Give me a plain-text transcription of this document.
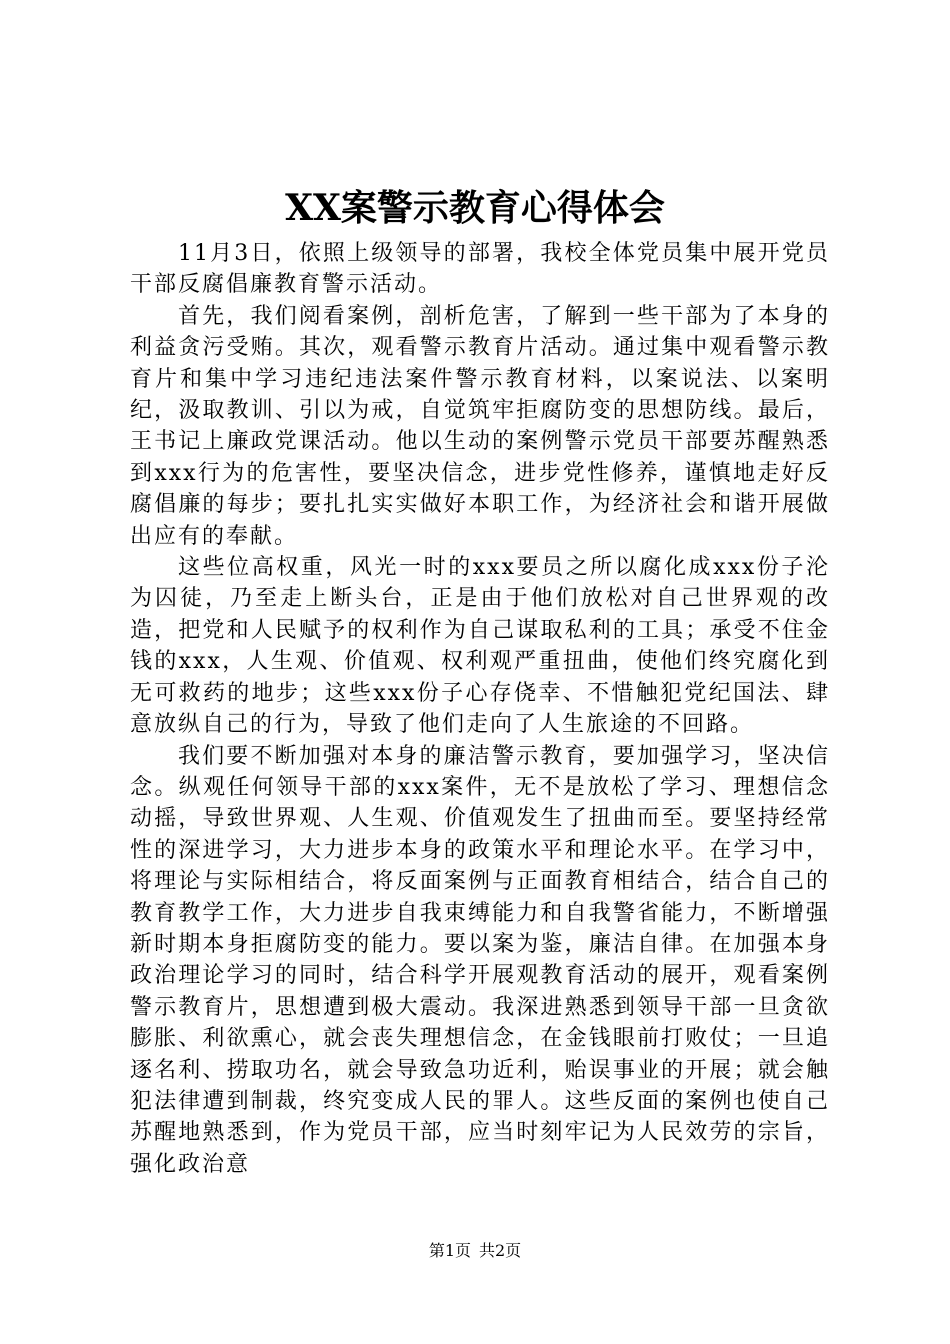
XX案警示教育心得体会

11月3日，依照上级领导的部署，我校全体党员集中展开党员干部反腐倡廉教育警示活动。

首先，我们阅看案例，剖析危害，了解到一些干部为了本身的利益贪污受贿。其次，观看警示教育片活动。通过集中观看警示教育片和集中学习违纪违法案件警示教育材料，以案说法、以案明纪，汲取教训、引以为戒，自觉筑牢拒腐防变的思想防线。最后，王书记上廉政党课活动。他以生动的案例警示党员干部要苏醒熟悉到xxx行为的危害性，要坚决信念，进步党性修养，谨慎地走好反腐倡廉的每步；要扎扎实实做好本职工作，为经济社会和谐开展做出应有的奉献。

这些位高权重，风光一时的xxx要员之所以腐化成xxx份子沦为囚徒，乃至走上断头台，正是由于他们放松对自己世界观的改造，把党和人民赋予的权利作为自己谋取私利的工具；承受不住金钱的xxx，人生观、价值观、权利观严重扭曲，使他们终究腐化到无可救药的地步；这些xxx份子心存侥幸、不惜触犯党纪国法、肆意放纵自己的行为，导致了他们走向了人生旅途的不回路。

我们要不断加强对本身的廉洁警示教育，要加强学习，坚决信念。纵观任何领导干部的xxx案件，无不是放松了学习、理想信念动摇，导致世界观、人生观、价值观发生了扭曲而至。要坚持经常性的深进学习，大力进步本身的政策水平和理论水平。在学习中，将理论与实际相结合，将反面案例与正面教育相结合，结合自己的教育教学工作，大力进步自我束缚能力和自我警省能力，不断增强新时期本身拒腐防变的能力。要以案为鉴，廉洁自律。在加强本身政治理论学习的同时，结合科学开展观教育活动的展开，观看案例警示教育片，思想遭到极大震动。我深进熟悉到领导干部一旦贪欲膨胀、利欲熏心，就会丧失理想信念，在金钱眼前打败仗；一旦追逐名利、捞取功名，就会导致急功近利，贻误事业的开展；就会触犯法律遭到制裁，终究变成人民的罪人。这些反面的案例也使自己苏醒地熟悉到，作为党员干部，应当时刻牢记为人民效劳的宗旨，强化政治意

第1页 共2页
